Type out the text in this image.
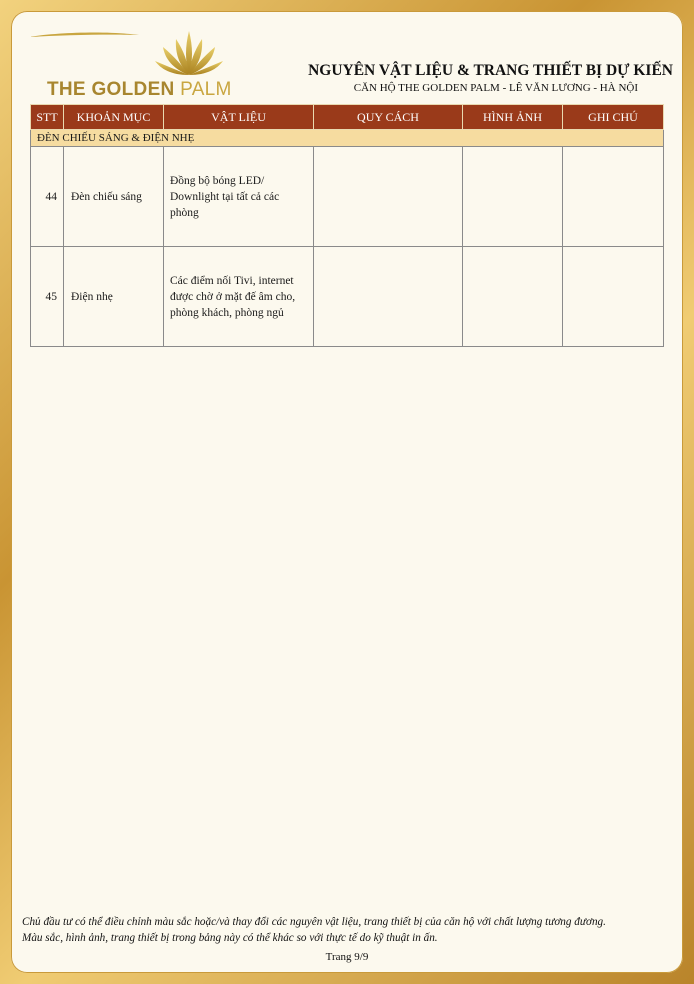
THE GOLDEN PALM
NGUYÊN VẬT LIỆU & TRANG THIẾT BỊ DỰ KIẾN
CĂN HỘ THE GOLDEN PALM - LÊ VĂN LƯƠNG - HÀ NỘI
STT	KHOẢN MỤC	VẬT LIỆU	QUY CÁCH	HÌNH ẢNH	GHI CHÚ
ĐÈN CHIẾU SÁNG & ĐIỆN NHẸ					
44	Đèn chiếu sáng	Đồng bộ bóng LED/ Downlight tại tất cả các phòng			
45	Điện nhẹ	Các điểm nối Tivi, internet được chờ ở mặt đế âm cho, phòng khách, phòng ngủ			
Chủ đầu tư có thể điều chỉnh màu sắc hoặc/và thay đổi các nguyên vật liệu, trang thiết bị của căn hộ với chất lượng tương đương.
Màu sắc, hình ảnh, trang thiết bị trong bảng này có thể khác so với thực tế do kỹ thuật in ấn.
Trang 9/9
